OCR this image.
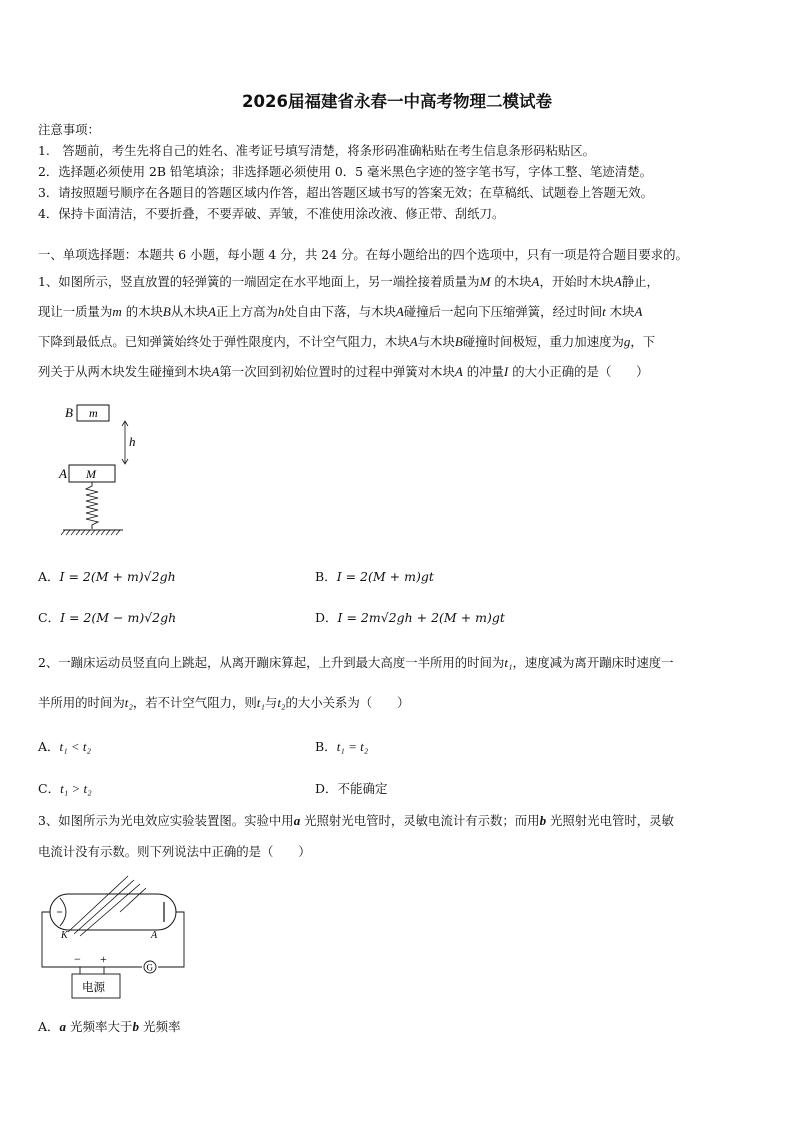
2026届福建省永春一中高考物理二模试卷
注意事项：
1.　答题前，考生先将自己的姓名、准考证号填写清楚，将条形码准确粘贴在考生信息条形码粘贴区。
2．选择题必须使用 2B 铅笔填涂；非选择题必须使用 0．5 毫米黑色字迹的签字笔书写，字体工整、笔迹清楚。
3．请按照题号顺序在各题目的答题区域内作答，超出答题区域书写的答案无效；在草稿纸、试题卷上答题无效。
4．保持卡面清洁，不要折叠，不要弄破、弄皱，不准使用涂改液、修正带、刮纸刀。
一、单项选择题：本题共 6 小题，每小题 4 分，共 24 分。在每小题给出的四个选项中，只有一项是符合题目要求的。
1、如图所示，竖直放置的轻弹簧的一端固定在水平地面上，另一端拴接着质量为M 的木块A，开始时木块A静止，
现让一质量为m 的木块B从木块A正上方高为h处自由下落，与木块A碰撞后一起向下压缩弹簧，经过时间t 木块A
下降到最低点。已知弹簧始终处于弹性限度内，不计空气阻力，木块A与木块B碰撞时间极短，重力加速度为g，下
列关于从两木块发生碰撞到木块A第一次回到初始位置时的过程中弹簧对木块A 的冲量I 的大小正确的是（　　）
B m
h
A M
A．I = 2(M + m)√2gh	B．I = 2(M + m)gt
C．I = 2(M − m)√2gh	D．I = 2m√2gh + 2(M + m)gt
2、一蹦床运动员竖直向上跳起，从离开蹦床算起，上升到最大高度一半所用的时间为t₁，速度减为离开蹦床时速度一
半所用的时间为t₂，若不计空气阻力，则t₁与t₂的大小关系为（　　）
A．t₁ < t₂	B．t₁ = t₂
C．t₁ > t₂	D．不能确定
3、如图所示为光电效应实验装置图。实验中用a 光照射光电管时，灵敏电流计有示数；而用b 光照射光电管时，灵敏
电流计没有示数。则下列说法中正确的是（　　）
K	A
G
− +
电源
A．a 光频率大于b 光频率
